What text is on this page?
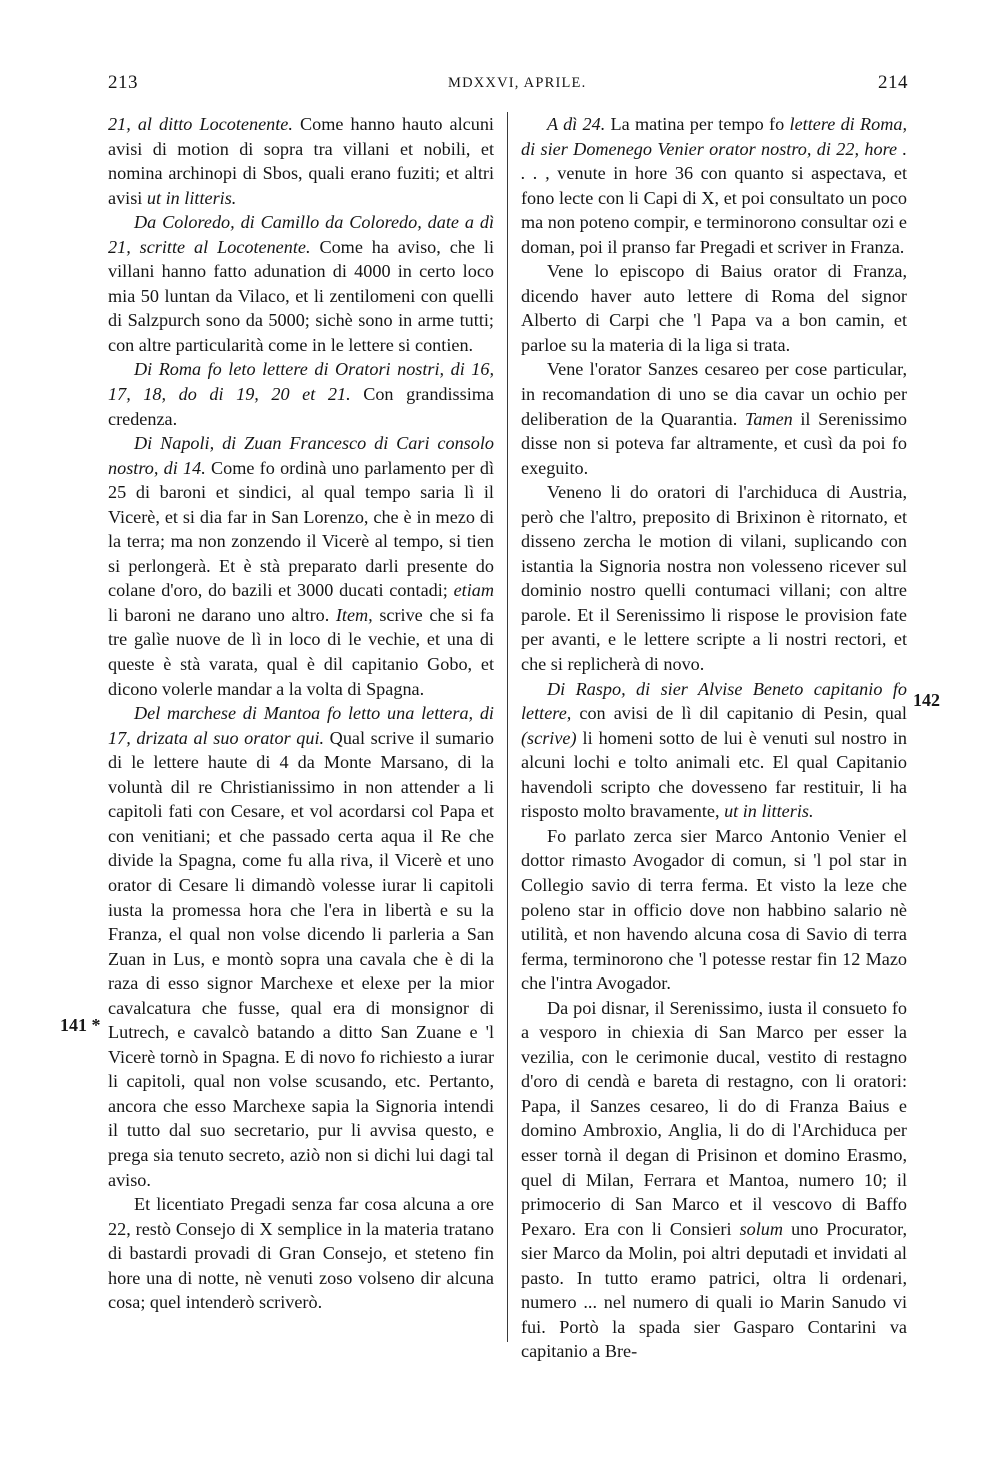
213	MDXXVI, APRILE.	214

21, al ditto Locotenente. Come hanno hauto alcuni avisi di motion di sopra tra villani et nobili, et nomina archinopi di Sbos, quali erano fuziti; et altri avisi ut in litteris.

Da Coloredo, di Camillo da Coloredo, date a dì 21, scritte al Locotenente. Come ha aviso, che li villani hanno fatto adunation di 4000 in certo loco mia 50 luntan da Vilaco, et li zentilomeni con quelli di Salzpurch sono da 5000; sichè sono in arme tutti; con altre particularità come in le lettere si contien.

Di Roma fo leto lettere di Oratori nostri, di 16, 17, 18, do di 19, 20 et 21. Con grandissima credenza.

Di Napoli, di Zuan Francesco di Cari consolo nostro, di 14. Come fo ordinà uno parlamento per dì 25 di baroni et sindici, al qual tempo saria lì il Vicerè, et si dia far in San Lorenzo, che è in mezo di la terra; ma non zonzendo il Vicerè al tempo, si tien si perlongerà. Et è stà preparato darli presente do colane d'oro, do bazili et 3000 ducati contadi; etiam li baroni ne darano uno altro. Item, scrive che si fa tre galìe nuove de lì in loco di le vechie, et una di queste è stà varata, qual è dil capitanio Gobo, et dicono volerle mandar a la volta di Spagna.

Del marchese di Mantoa fo letto una lettera, di 17, drizata al suo orator qui. Qual scrive il sumario di le lettere haute di 4 da Monte Marsano, di la voluntà dil re Christianissimo in non attender a li capitoli fati con Cesare, et vol acordarsi col Papa et con venitiani; et che passado certa aqua il Re che divide la Spagna, come fu alla riva, il Vicerè et uno orator di Cesare li dimandò volesse iurar li capitoli iusta la promessa hora che l'era in libertà e su la Franza, el qual non volse dicendo li parleria a San Zuan in Lus, e montò sopra una cavala che è di la raza di esso signor Marchexe et elexe per la mior cavalcatura che fusse, qual era di monsignor di Lutrech, e cavalcò batando a ditto San Zuane e 'l Vicerè tornò in Spagna. E di novo fo richiesto a iurar li capitoli, qual non volse scusando, etc. Pertanto, ancora che esso Marchexe sapia la Signoria intendi il tutto dal suo secretario, pur li avvisa questo, e prega sia tenuto secreto, aziò non si dichi lui dagi tal aviso.

Et licentiato Pregadi senza far cosa alcuna a ore 22, restò Consejo di X semplice in la materia tratano di bastardi provadi di Gran Consejo, et steteno fin hore una di notte, nè venuti zoso volseno dir alcuna cosa; quel intenderò scriverò.

A dì 24. La matina per tempo fo lettere di Roma, di sier Domenego Venier orator nostro, di 22, hore . . . , venute in hore 36 con quanto si aspectava, et fono lecte con li Capi di X, et poi consultato un poco ma non poteno compir, e terminorono consultar ozi e doman, poi il pranso far Pregadi et scriver in Franza.

Vene lo episcopo di Baius orator di Franza, dicendo haver auto lettere di Roma del signor Alberto di Carpi che 'l Papa va a bon camin, et parloe su la materia di la liga si trata.

Vene l'orator Sanzes cesareo per cose particular, in recomandation di uno se dia cavar un ochio per deliberation de la Quarantia. Tamen il Serenissimo disse non si poteva far altramente, et cusì da poi fo exeguito.

Veneno li do oratori di l'archiduca di Austria, però che l'altro, preposito di Brixinon è ritornato, et disseno zercha le motion di vilani, suplicando con istantia la Signoria nostra non volesseno ricever sul dominio nostro quelli contumaci villani; con altre parole. Et il Serenissimo li rispose le provision fate per avanti, e le lettere scripte a li nostri rectori, et che si replicherà di novo.

Di Raspo, di sier Alvise Beneto capitanio fo lettere, con avisi de lì dil capitanio di Pesin, qual (scrive) li homeni sotto de lui è venuti sul nostro in alcuni lochi e tolto animali etc. El qual Capitanio havendoli scripto che dovesseno far restituir, li ha risposto molto bravamente, ut in litteris.

Fo parlato zerca sier Marco Antonio Venier el dottor rimasto Avogador di comun, si 'l pol star in Collegio savio di terra ferma. Et visto la leze che poleno star in officio dove non habbino salario nè utilità, et non havendo alcuna cosa di Savio di terra ferma, terminorono che 'l potesse restar fin 12 Mazo che l'intra Avogador.

Da poi disnar, il Serenissimo, iusta il consueto fo a vesporo in chiexia di San Marco per esser la vezilia, con le cerimonie ducal, vestito di restagno d'oro di cendà e bareta di restagno, con li oratori: Papa, il Sanzes cesareo, li do di Franza Baius e domino Ambroxio, Anglia, li do di l'Archiduca per esser tornà il degan di Prisinon et domino Erasmo, quel di Milan, Ferrara et Mantoa, numero 10; il primocerio di San Marco et il vescovo di Baffo Pexaro. Era con li Consieri solum uno Procurator, sier Marco da Molin, poi altri deputadi et invidati al pasto. In tutto eramo patrici, oltra li ordenari, numero ... nel numero di quali io Marin Sanudo vi fui. Portò la spada sier Gasparo Contarini va capitanio a Bre-

141 *
142
